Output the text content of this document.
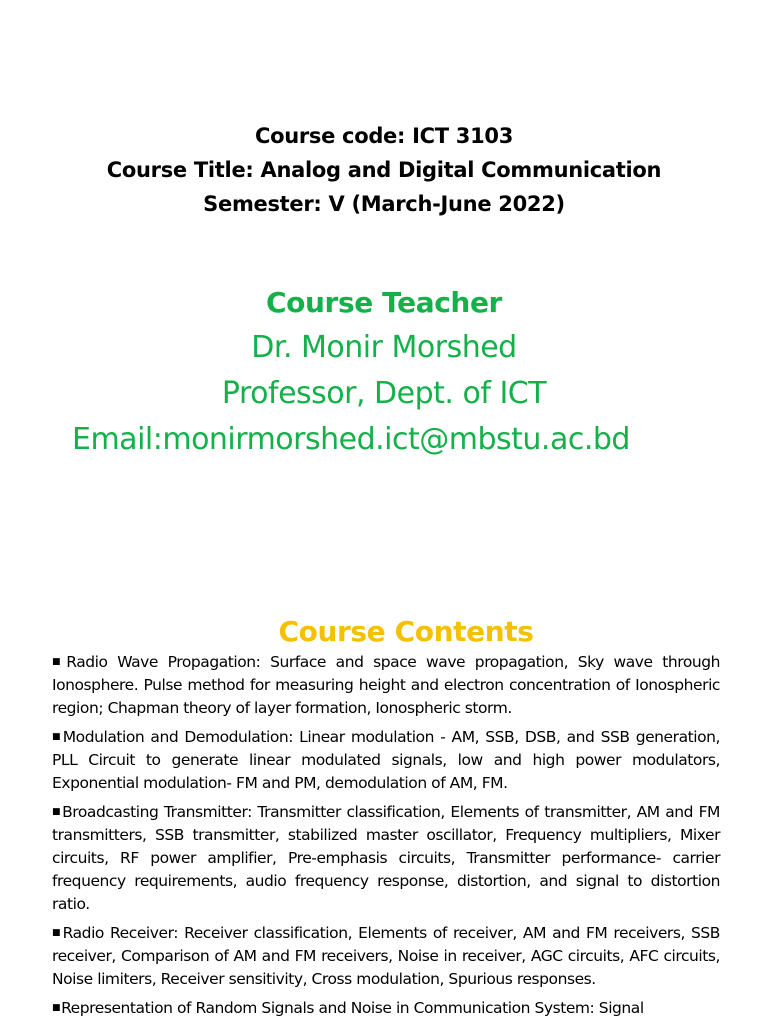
Course code: ICT 3103
Course Title: Analog and Digital Communication
Semester: V (March-June 2022)
Course Teacher
Dr. Monir Morshed
Professor, Dept. of ICT
Email:monirmorshed.ict@mbstu.ac.bd
Course Contents

■Radio Wave Propagation: Surface and space wave propagation, Sky wave through Ionosphere. Pulse method for measuring height and electron concentration of Ionospheric region; Chapman theory of layer formation, Ionospheric storm.

■Modulation and Demodulation: Linear modulation - AM, SSB, DSB, and SSB generation, PLL Circuit to generate linear modulated signals, low and high power modulators, Exponential modulation- FM and PM, demodulation of AM, FM.

■Broadcasting Transmitter: Transmitter classification, Elements of transmitter, AM and FM transmitters, SSB transmitter, stabilized master oscillator, Frequency multipliers, Mixer circuits, RF power amplifier, Pre-emphasis circuits, Transmitter performance- carrier frequency requirements, audio frequency response, distortion, and signal to distortion ratio.

■Radio Receiver: Receiver classification, Elements of receiver, AM and FM receivers, SSB receiver, Comparison of AM and FM receivers, Noise in receiver, AGC circuits, AFC circuits, Noise limiters, Receiver sensitivity, Cross modulation, Spurious responses.

■Representation of Random Signals and Noise in Communication System: Signal
